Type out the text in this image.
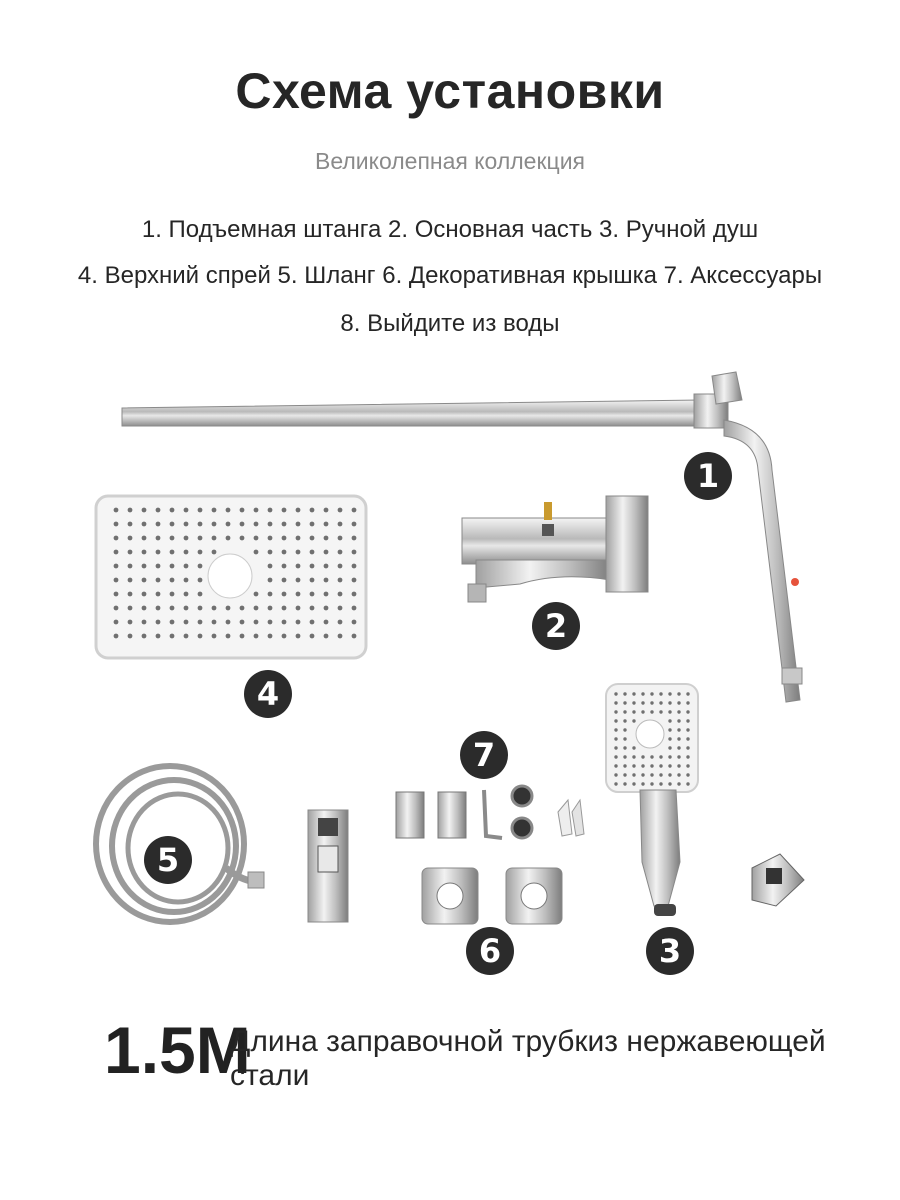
Схема установки
Великолепная коллекция
1. Подъемная штанга 2. Основная часть 3. Ручной душ
4. Верхний спрей 5. Шланг 6. Декоративная крышка 7. Аксессуары
8. Выйдите из воды
1
2
3
4
5
6
7
1.5M
Длина заправочной трубкиз нержавеющей стали
